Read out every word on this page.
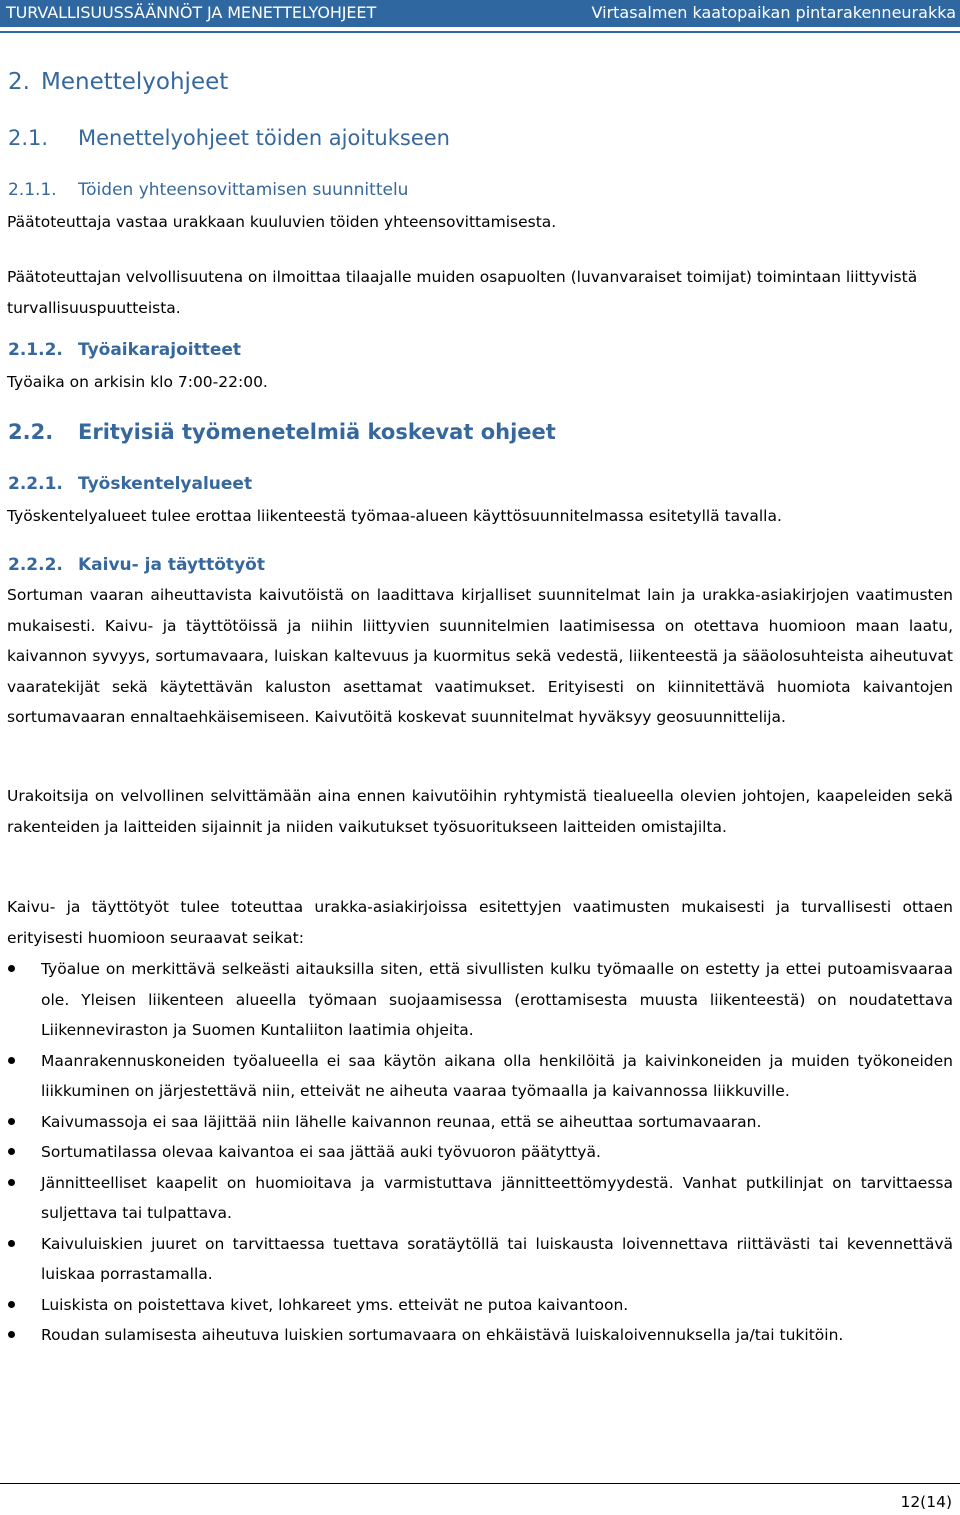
TURVALLISUUSSÄÄNNÖT JA MENETTELYOHJEET	Virtasalmen kaatopaikan pintarakenneurakka
2. Menettelyohjeet
2.1. Menettelyohjeet töiden ajoitukseen
2.1.1. Töiden yhteensovittamisen suunnittelu

Päätoteuttaja vastaa urakkaan kuuluvien töiden yhteensovittamisesta.

Päätoteuttajan velvollisuutena on ilmoittaa tilaajalle muiden osapuolten (luvanvaraiset toimijat) toimintaan liittyvistä turvallisuuspuutteista.

2.1.2. Työaikarajoitteet

Työaika on arkisin klo 7:00-22:00.

2.2. Erityisiä työmenetelmiä koskevat ohjeet
2.2.1. Työskentelyalueet

Työskentelyalueet tulee erottaa liikenteestä työmaa-alueen käyttösuunnitelmassa esitetyllä tavalla.

2.2.2. Kaivu- ja täyttötyöt

Sortuman vaaran aiheuttavista kaivutöistä on laadittava kirjalliset suunnitelmat lain ja urakka-asiakirjojen vaatimusten mukaisesti. Kaivu- ja täyttötöissä ja niihin liittyvien suunnitelmien laatimisessa on otettava huomioon maan laatu, kaivannon syvyys, sortumavaara, luiskan kaltevuus ja kuormitus sekä vedestä, liikenteestä ja sääolosuhteista aiheutuvat vaaratekijät sekä käytettävän kaluston asettamat vaatimukset. Erityisesti on kiinnitettävä huomiota kaivantojen sortumavaaran ennaltaehkäisemiseen. Kaivutöitä koskevat suunnitelmat hyväksyy geosuunnittelija.

Urakoitsija on velvollinen selvittämään aina ennen kaivutöihin ryhtymistä tiealueella olevien johtojen, kaapeleiden sekä rakenteiden ja laitteiden sijainnit ja niiden vaikutukset työsuoritukseen laitteiden omistajilta.

Kaivu- ja täyttötyöt tulee toteuttaa urakka-asiakirjoissa esitettyjen vaatimusten mukaisesti ja turvallisesti ottaen erityisesti huomioon seuraavat seikat:

Työalue on merkittävä selkeästi aitauksilla siten, että sivullisten kulku työmaalle on estetty ja ettei putoamisvaaraa ole. Yleisen liikenteen alueella työmaan suojaamisessa (erottamisesta muusta liikenteestä) on noudatettava Liikenneviraston ja Suomen Kuntaliiton laatimia ohjeita.
Maanrakennuskoneiden työalueella ei saa käytön aikana olla henkilöitä ja kaivinkoneiden ja muiden työkoneiden liikkuminen on järjestettävä niin, etteivät ne aiheuta vaaraa työmaalla ja kaivannossa liikkuville.
Kaivumassoja ei saa läjittää niin lähelle kaivannon reunaa, että se aiheuttaa sortumavaaran.
Sortumatilassa olevaa kaivantoa ei saa jättää auki työvuoron päätyttyä.
Jännitteelliset kaapelit on huomioitava ja varmistuttava jännitteettömyydestä. Vanhat putkilinjat on tarvittaessa suljettava tai tulpattava.
Kaivuluiskien juuret on tarvittaessa tuettava soratäytöllä tai luiskausta loivennettava riittävästi tai kevennettävä luiskaa porrastamalla.
Luiskista on poistettava kivet, lohkareet yms. etteivät ne putoa kaivantoon.
Roudan sulamisesta aiheutuva luiskien sortumavaara on ehkäistävä luiskaloivennuksella ja/tai tukitöin.
12(14)
